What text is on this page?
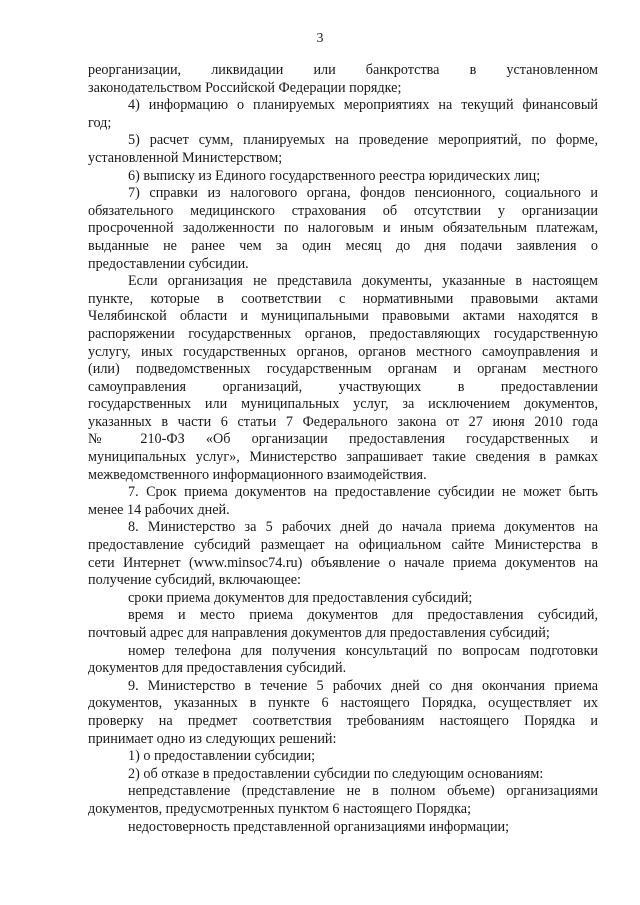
3
реорганизации, ликвидации или банкротства в установленном
законодательством Российской Федерации порядке;
4) информацию о планируемых мероприятиях на текущий финансовый
год;
5) расчет сумм, планируемых на проведение мероприятий, по форме,
установленной Министерством;
6) выписку из Единого государственного реестра юридических лиц;
7) справки из налогового органа, фондов пенсионного, социального и
обязательного медицинского страхования об отсутствии у организации
просроченной задолженности по налоговым и иным обязательным платежам,
выданные не ранее чем за один месяц до дня подачи заявления о
предоставлении субсидии.
Если организация не представила документы, указанные в настоящем
пункте, которые в соответствии с нормативными правовыми актами
Челябинской области и муниципальными правовыми актами находятся в
распоряжении государственных органов, предоставляющих государственную
услугу, иных государственных органов, органов местного самоуправления и
(или) подведомственных государственным органам и органам местного
самоуправления организаций, участвующих в предоставлении
государственных или муниципальных услуг, за исключением документов,
указанных в части 6 статьи 7 Федерального закона от 27 июня 2010 года
№ 210-ФЗ «Об организации предоставления государственных и
муниципальных услуг», Министерство запрашивает такие сведения в рамках
межведомственного информационного взаимодействия.
7. Срок приема документов на предоставление субсидии не может быть
менее 14 рабочих дней.
8. Министерство за 5 рабочих дней до начала приема документов на
предоставление субсидий размещает на официальном сайте Министерства в
сети Интернет (www.minsoc74.ru) объявление о начале приема документов на
получение субсидий, включающее:
сроки приема документов для предоставления субсидий;
время и место приема документов для предоставления субсидий,
почтовый адрес для направления документов для предоставления субсидий;
номер телефона для получения консультаций по вопросам подготовки
документов для предоставления субсидий.
9. Министерство в течение 5 рабочих дней со дня окончания приема
документов, указанных в пункте 6 настоящего Порядка, осуществляет их
проверку на предмет соответствия требованиям настоящего Порядка и
принимает одно из следующих решений:
1) о предоставлении субсидии;
2) об отказе в предоставлении субсидии по следующим основаниям:
непредставление (представление не в полном объеме) организациями
документов, предусмотренных пунктом 6 настоящего Порядка;
недостоверность представленной организациями информации;
